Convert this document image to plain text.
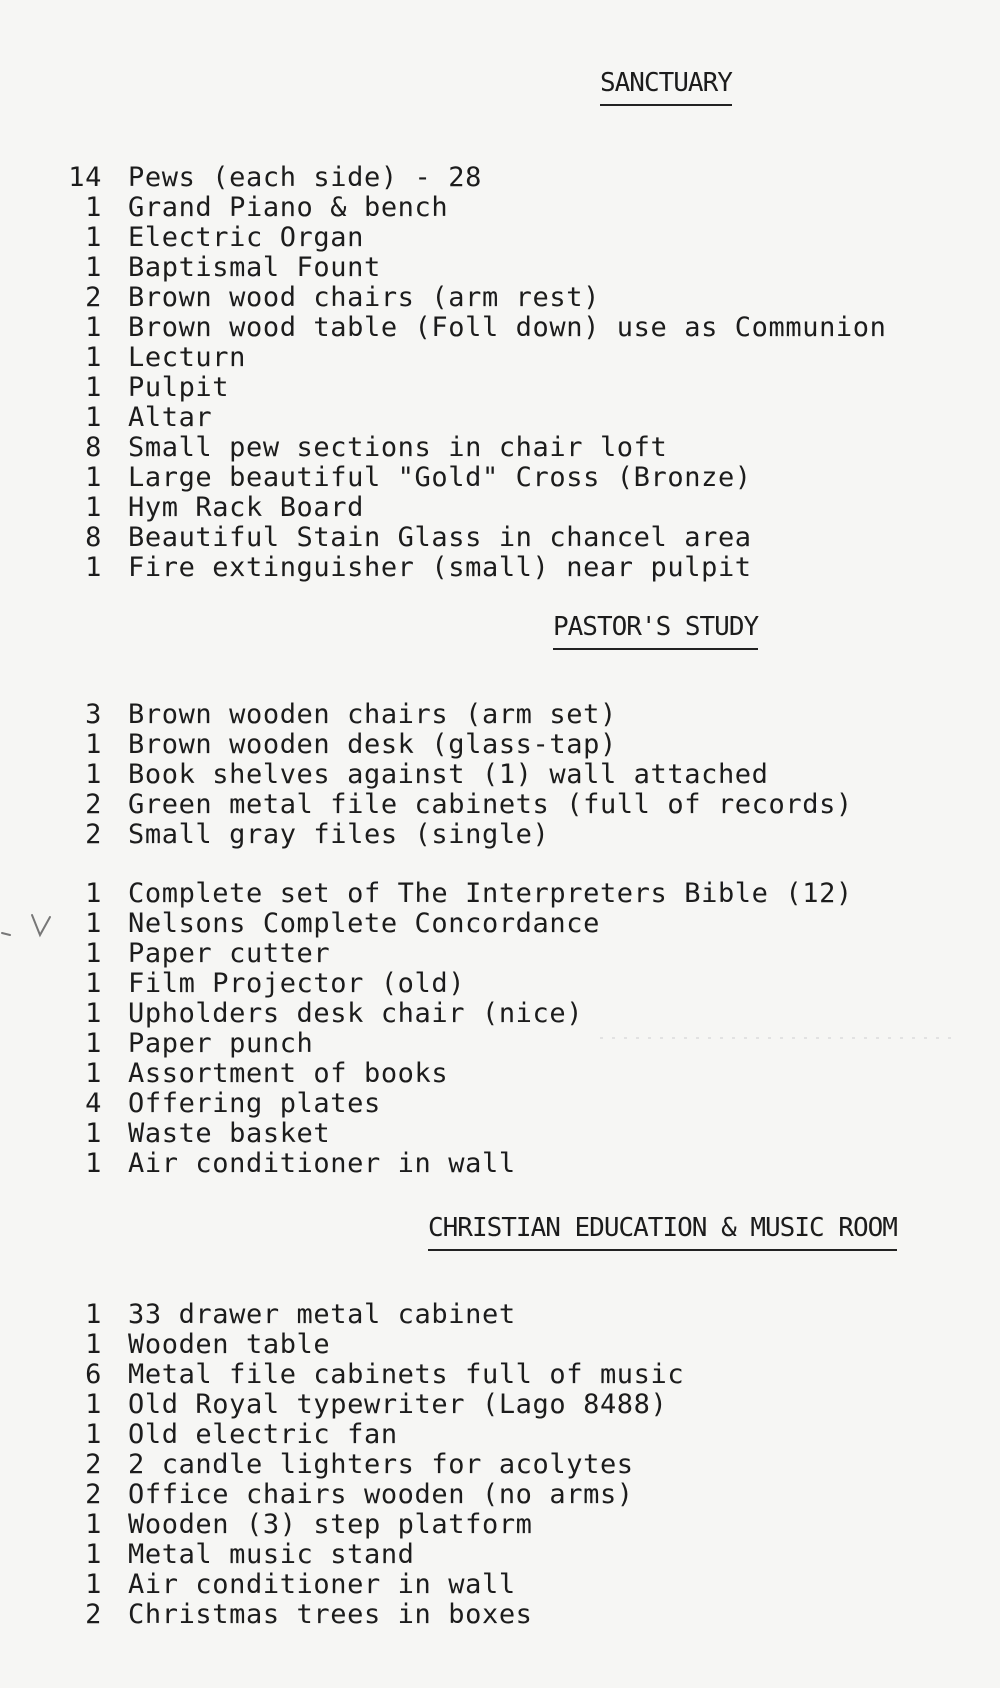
SANCTUARY
14 Pews (each side) - 28
1 Grand Piano & bench
1 Electric Organ
1 Baptismal Fount
2 Brown wood chairs (arm rest)
1 Brown wood table (Foll down) use as Communion
1 Lecturn
1 Pulpit
1 Altar
8 Small pew sections in chair loft
1 Large beautiful "Gold" Cross (Bronze)
1 Hym Rack Board
8 Beautiful Stain Glass in chancel area
1 Fire extinguisher (small) near pulpit
PASTOR'S STUDY
3 Brown wooden chairs (arm set)
1 Brown wooden desk (glass-tap)
1 Book shelves against (1) wall attached
2 Green metal file cabinets (full of records)
2 Small gray files (single)
1 Complete set of The Interpreters Bible (12)
1 Nelsons Complete Concordance
1 Paper cutter
1 Film Projector (old)
1 Upholders desk chair (nice)
1 Paper punch
1 Assortment of books
4 Offering plates
1 Waste basket
1 Air conditioner in wall
CHRISTIAN EDUCATION & MUSIC ROOM
1 33 drawer metal cabinet
1 Wooden table
6 Metal file cabinets full of music
1 Old Royal typewriter (Lago 8488)
1 Old electric fan
2 2 candle lighters for acolytes
2 Office chairs wooden (no arms)
1 Wooden (3) step platform
1 Metal music stand
1 Air conditioner in wall
2 Christmas trees in boxes
